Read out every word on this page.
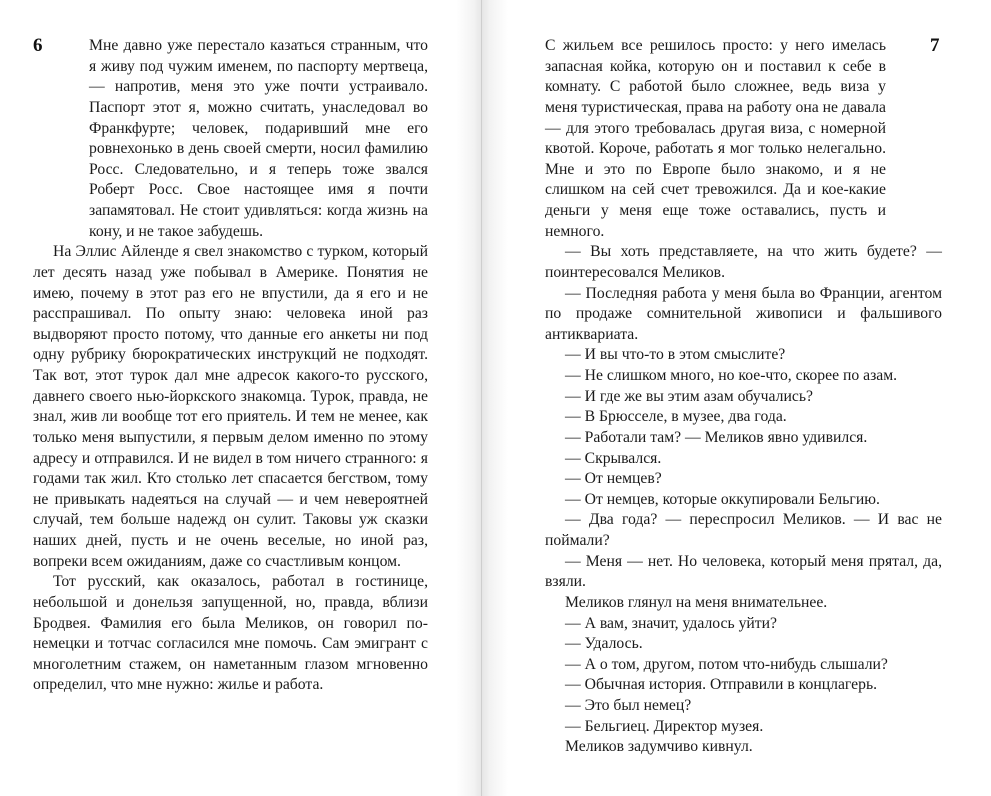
6	7

Мне давно уже перестало казаться странным, что я живу под чужим именем, по паспорту мертвеца, — напротив, меня это уже почти устраивало. Паспорт этот я, можно считать, унаследовал во Франкфурте; человек, подаривший мне его ровнехонько в день своей смерти, носил фамилию Росс. Следовательно, и я теперь тоже звался Роберт Росс. Свое настоящее имя я почти запамятовал. Не стоит удивляться: когда жизнь на кону, и не такое забудешь.

На Эллис Айленде я свел знакомство с турком, который лет десять назад уже побывал в Америке. Понятия не имею, почему в этот раз его не впустили, да я его и не расспрашивал. По опыту знаю: человека иной раз выдворяют просто потому, что данные его анкеты ни под одну рубрику бюрократических инструкций не подходят. Так вот, этот турок дал мне адресок какого-то русского, давнего своего нью-йоркского знакомца. Турок, правда, не знал, жив ли вообще тот его приятель. И тем не менее, как только меня выпустили, я первым делом именно по этому адресу и отправился. И не видел в том ничего странного: я годами так жил. Кто столько лет спасается бегством, тому не привыкать надеяться на случай — и чем невероятней случай, тем больше надежд он сулит. Таковы уж сказки наших дней, пусть и не очень веселые, но иной раз, вопреки всем ожиданиям, даже со счастливым концом.

Тот русский, как оказалось, работал в гостинице, небольшой и донельзя запущенной, но, правда, вблизи Бродвея. Фамилия его была Меликов, он говорил по-немецки и тотчас согласился мне помочь. Сам эмигрант с многолетним стажем, он наметанным глазом мгновенно определил, что мне нужно: жилье и работа.

С жильем все решилось просто: у него имелась запасная койка, которую он и поставил к себе в комнату. С работой было сложнее, ведь виза у меня туристическая, права на работу она не давала — для этого требовалась другая виза, с номерной квотой. Короче, работать я мог только нелегально. Мне и это по Европе было знакомо, и я не слишком на сей счет тревожился. Да и кое-какие деньги у меня еще тоже оставались, пусть и немного.

— Вы хоть представляете, на что жить будете? — поинтересовался Меликов.

— Последняя работа у меня была во Франции, агентом по продаже сомнительной живописи и фальшивого антиквариата.

— И вы что-то в этом смыслите?

— Не слишком много, но кое-что, скорее по азам.

— И где же вы этим азам обучались?

— В Брюсселе, в музее, два года.

— Работали там? — Меликов явно удивился.

— Скрывался.

— От немцев?

— От немцев, которые оккупировали Бельгию.

— Два года? — переспросил Меликов. — И вас не поймали?

— Меня — нет. Но человека, который меня прятал, да, взяли.

Меликов глянул на меня внимательнее.

— А вам, значит, удалось уйти?

— Удалось.

— А о том, другом, потом что-нибудь слышали?

— Обычная история. Отправили в концлагерь.

— Это был немец?

— Бельгиец. Директор музея.

Меликов задумчиво кивнул.
